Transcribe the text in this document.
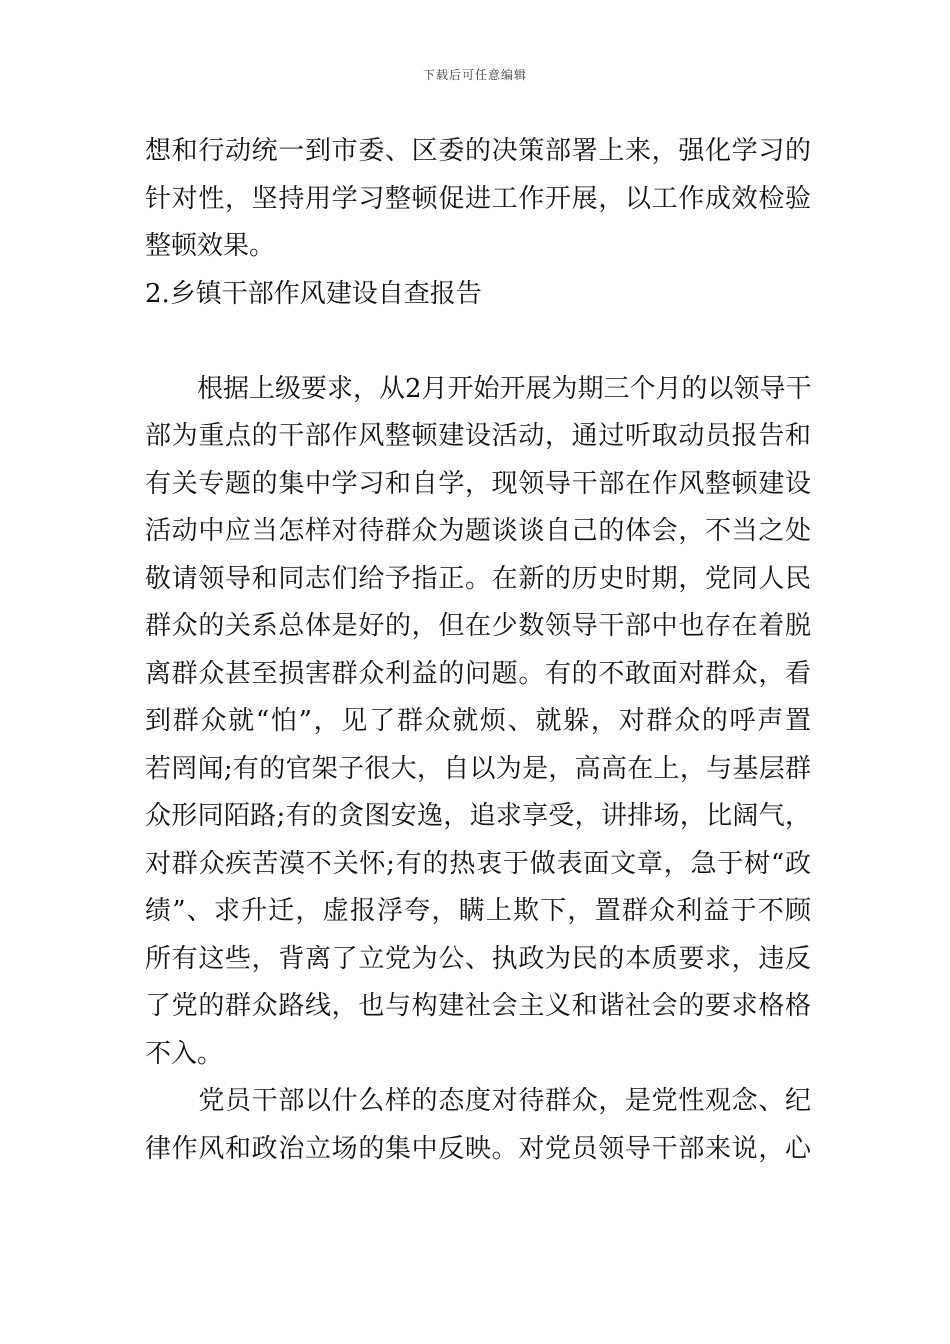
下载后可任意编辑
想和行动统一到市委、区委的决策部署上来，强化学习的
针对性，坚持用学习整顿促进工作开展，以工作成效检验
整顿效果。
2.乡镇干部作风建设自查报告
　　根据上级要求，从2月开始开展为期三个月的以领导干
部为重点的干部作风整顿建设活动，通过听取动员报告和
有关专题的集中学习和自学，现领导干部在作风整顿建设
活动中应当怎样对待群众为题谈谈自己的体会，不当之处
敬请领导和同志们给予指正。在新的历史时期，党同人民
群众的关系总体是好的，但在少数领导干部中也存在着脱
离群众甚至损害群众利益的问题。有的不敢面对群众，看
到群众就“怕”，见了群众就烦、就躲，对群众的呼声置
若罔闻;有的官架子很大，自以为是，高高在上，与基层群
众形同陌路;有的贪图安逸，追求享受，讲排场，比阔气，
对群众疾苦漠不关怀;有的热衷于做表面文章，急于树“政
绩”、求升迁，虚报浮夸，瞒上欺下，置群众利益于不顾
所有这些，背离了立党为公、执政为民的本质要求，违反
了党的群众路线，也与构建社会主义和谐社会的要求格格
不入。
　　党员干部以什么样的态度对待群众，是党性观念、纪
律作风和政治立场的集中反映。对党员领导干部来说，心
